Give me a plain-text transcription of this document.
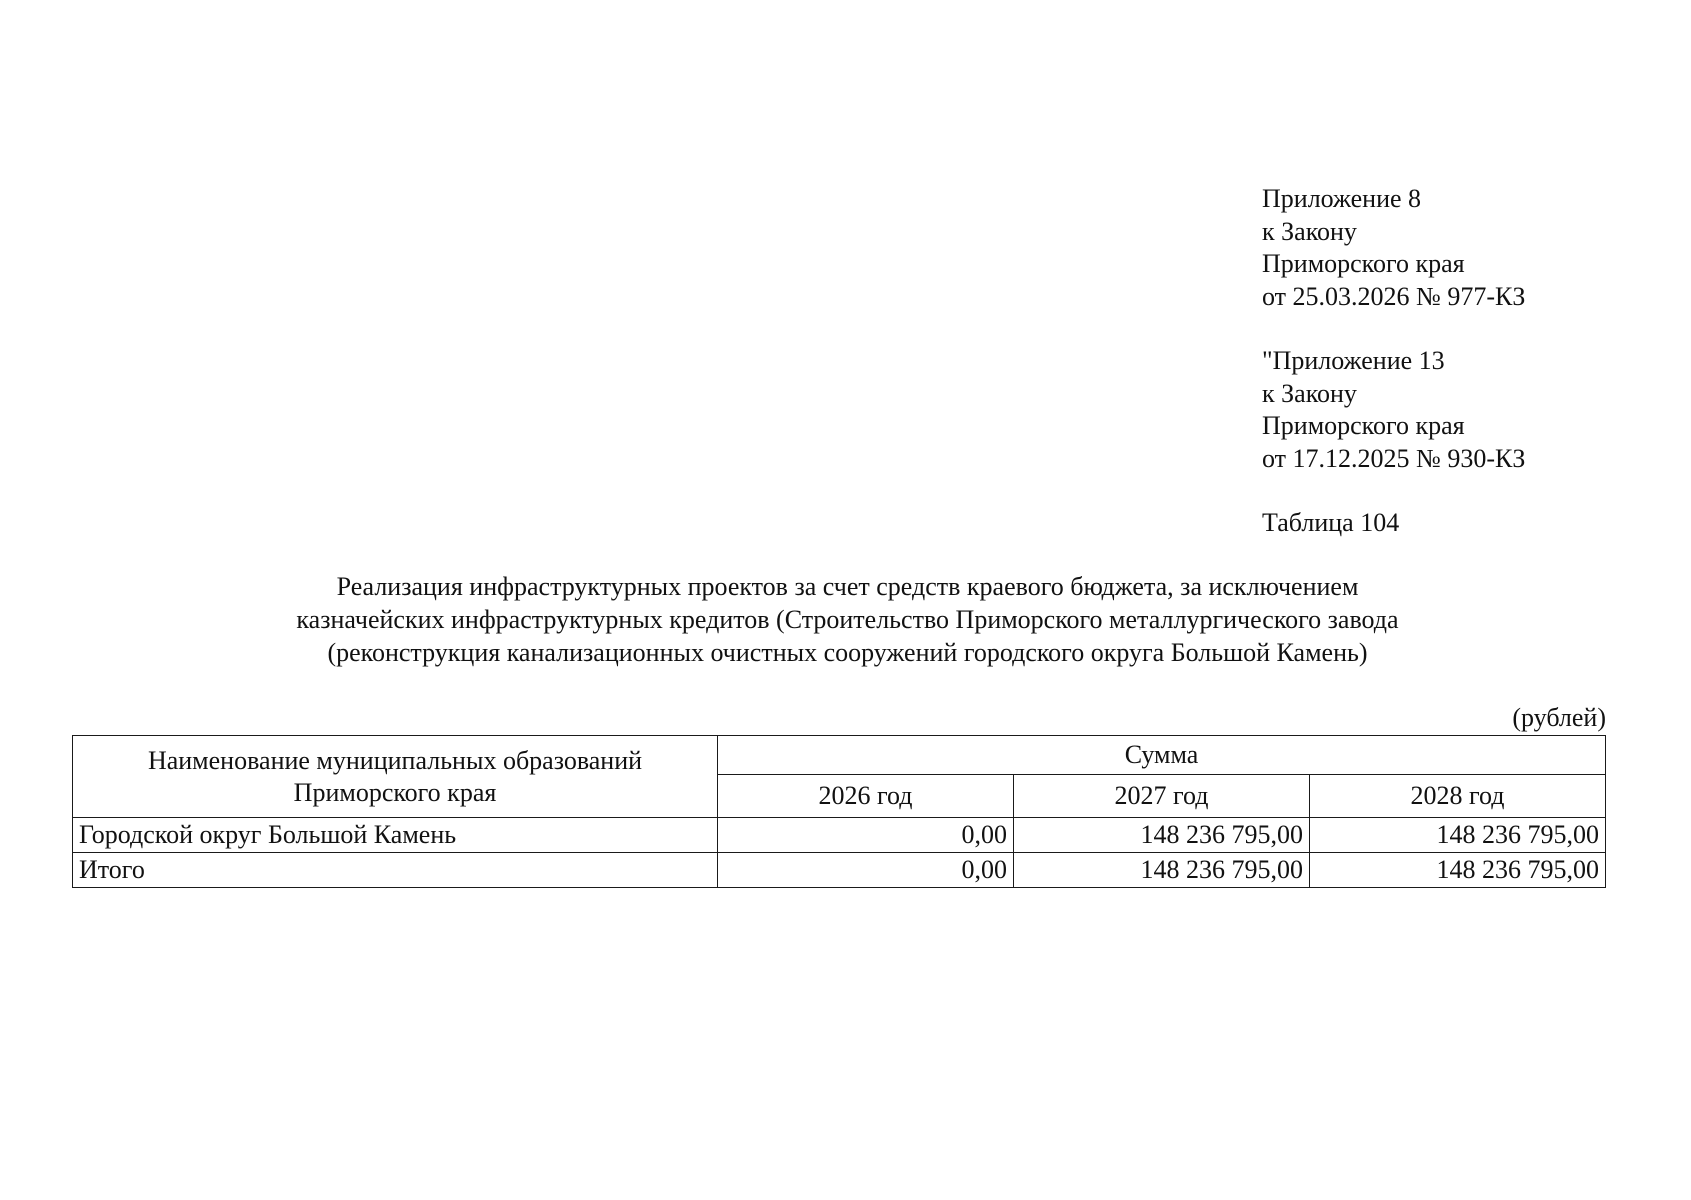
Приложение 8
к Закону
Приморского края
от 25.03.2026 № 977-КЗ
"Приложение 13
к Закону
Приморского края
от 17.12.2025 № 930-КЗ
Таблица 104
Реализация инфраструктурных проектов за счет средств краевого бюджета, за исключением
казначейских инфраструктурных кредитов (Строительство Приморского металлургического завода
(реконструкция канализационных очистных сооружений городского округа Большой Камень)
(рублей)
Наименование муниципальных образований
Приморского края	Сумма		
	2026 год	2027 год	2028 год
Городской округ Большой Камень	0,00	148 236 795,00	148 236 795,00
Итого	0,00	148 236 795,00	148 236 795,00
